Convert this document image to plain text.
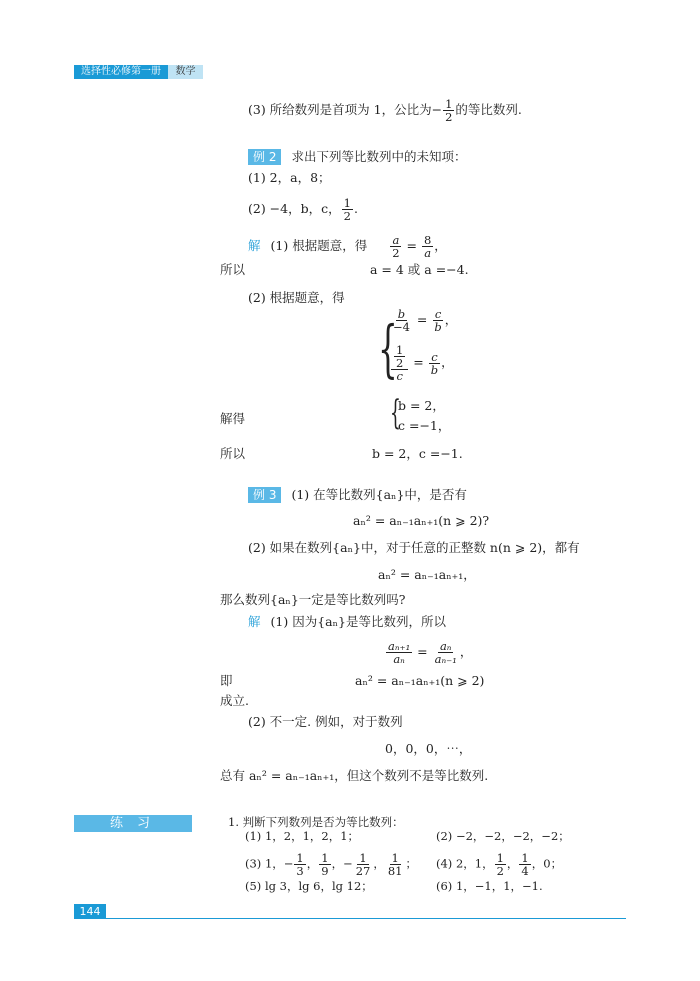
选择性必修第一册	数学
(3) 所给数列是首项为 1，公比为− $\frac{1}{2}$ 的等比数列.
例 2 求出下列等比数列中的未知项：
(1) 2，a，8；
(2) −4，b，c， $\frac{1}{2}$ .
解 (1) 根据题意，得 $\frac{a}{2} = \frac{8}{a}$ ，
所以	a = 4 或 a =−4.
(2) 根据题意，得
{
$\frac{b}{-4} = \frac{c}{b}$ ，
$\frac{\frac{1}{2}}{c} = \frac{c}{b}$ ，
解得	{
b = 2，
c =−1，
所以	b = 2，c =−1.
例 3 (1) 在等比数列{aₙ}中，是否有
aₙ² = aₙ₋₁aₙ₊₁(n ⩾ 2)?
(2) 如果在数列{aₙ}中，对于任意的正整数 n(n ⩾ 2)，都有
aₙ² = aₙ₋₁aₙ₊₁，
那么数列{aₙ}一定是等比数列吗?
解 (1) 因为{aₙ}是等比数列，所以
$\frac{\text{aₙ₊₁}}{\text{aₙ}} = \frac{\text{aₙ}}{\text{aₙ₋₁}}$ ，
即	aₙ² = aₙ₋₁aₙ₊₁(n ⩾ 2)
成立.
(2) 不一定. 例如，对于数列
0，0，0，⋯，
总有 aₙ² = aₙ₋₁aₙ₊₁，但这个数列不是等比数列.
练习	1. 判断下列数列是否为等比数列：
(1) 1，2，1，2，1；	(2) −2，−2，−2，−2；
(3) 1，− $\frac{1}{3}$ ， $\frac{1}{9}$ ，− $\frac{1}{27}$ ， $\frac{1}{81}$ ； (4) 2，1， $\frac{1}{2}$ ， $\frac{1}{4}$ ，0；
(5) lg 3，lg 6，lg 12；	(6) 1，−1，1，−1.
144
